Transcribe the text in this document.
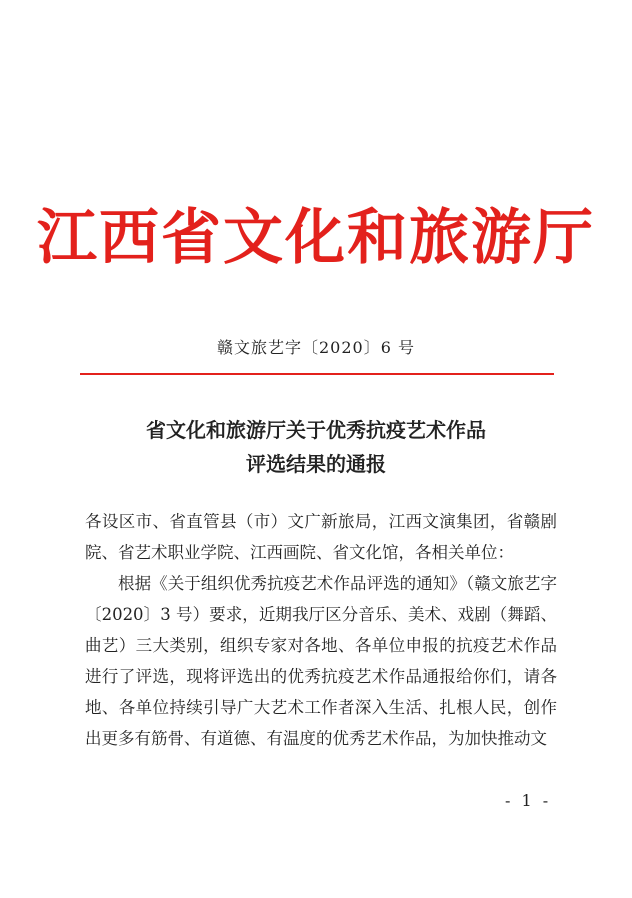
江西省文化和旅游厅
赣文旅艺字〔2020〕6 号
省文化和旅游厅关于优秀抗疫艺术作品
评选结果的通报

各设区市、省直管县（市）文广新旅局，江西文演集团，省赣剧院、省艺术职业学院、江西画院、省文化馆，各相关单位：

根据《关于组织优秀抗疫艺术作品评选的通知》（赣文旅艺字〔2020〕3 号）要求，近期我厅区分音乐、美术、戏剧（舞蹈、曲艺）三大类别，组织专家对各地、各单位申报的抗疫艺术作品进行了评选，现将评选出的优秀抗疫艺术作品通报给你们，请各地、各单位持续引导广大艺术工作者深入生活、扎根人民，创作出更多有筋骨、有道德、有温度的优秀艺术作品，为加快推动文

- 1 -
